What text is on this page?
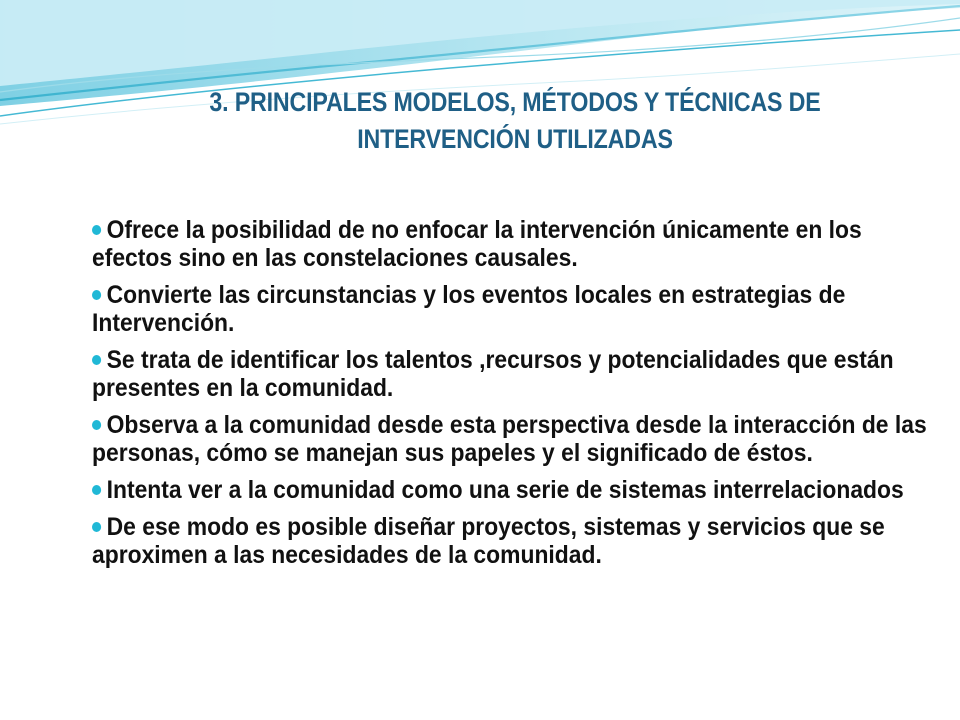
3. PRINCIPALES MODELOS, MÉTODOS Y TÉCNICAS DE
INTERVENCIÓN UTILIZADAS
Ofrece la posibilidad de no enfocar la intervención únicamente en los efectos sino en las constelaciones causales.
Convierte las circunstancias y los eventos locales en estrategias de Intervención.
Se trata de identificar los talentos ,recursos y potencialidades que están presentes en la comunidad.
Observa a la comunidad desde esta perspectiva desde la interacción de las personas, cómo se manejan sus papeles y el significado de éstos.
Intenta ver a la comunidad como una serie de sistemas interrelacionados
De ese modo es posible diseñar proyectos, sistemas y servicios que se aproximen a las necesidades de la comunidad.
